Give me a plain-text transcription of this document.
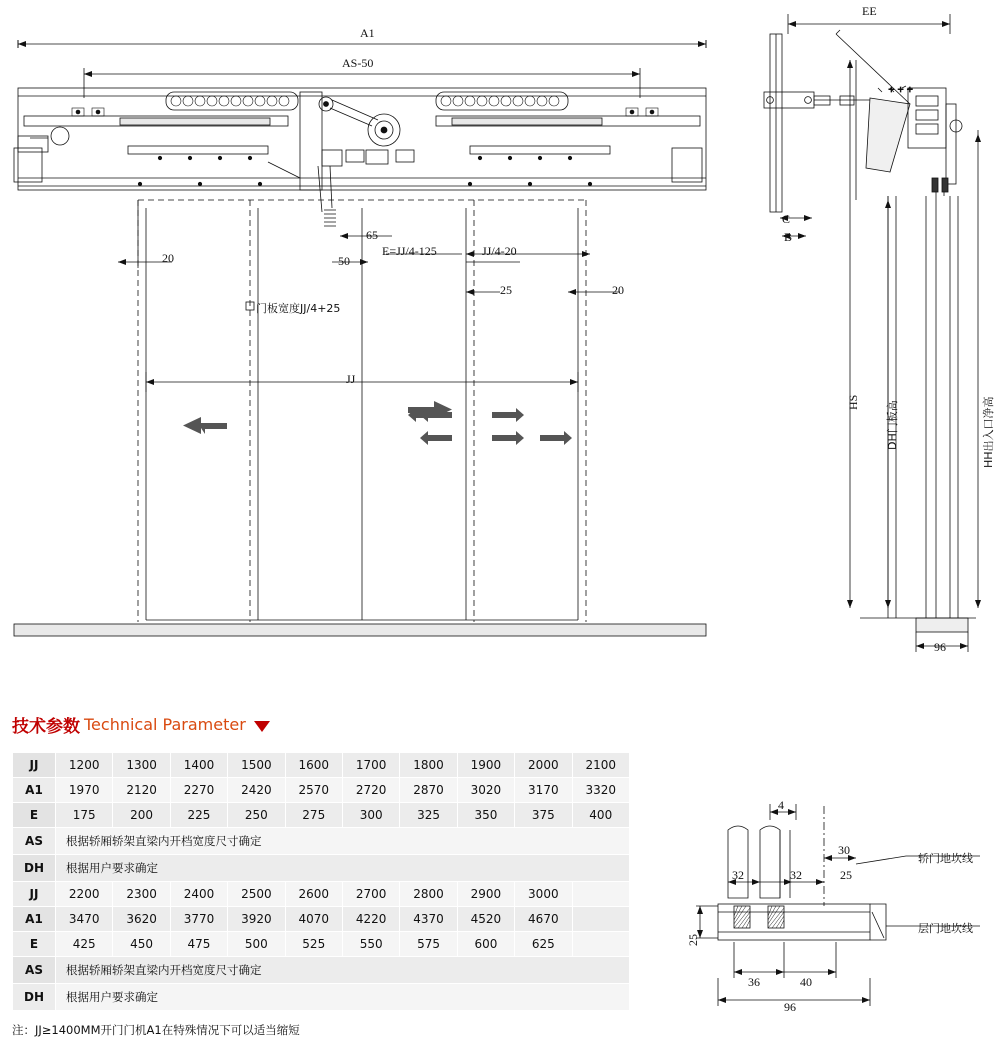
A1
AS-50
20	50
65
E=JJ/4-125	JJ/4-20
25	20
门板宽度JJ/4+25
JJ
+ + +
EE
C
B
HS DH门板高	HH出入口净高
96
4
30
32	32	25
25
36	40
96
轿门地坎线
层门地坎线
技术参数 Technical Parameter
JJ	1200	1300	1400	1500	1600	1700	1800	1900	2000	2100
A1	1970	2120	2270	2420	2570	2720	2870	3020	3170	3320
E	175	200	225	250	275	300	325	350	375	400
AS	根据轿厢轿架直梁内开档宽度尺寸确定									
DH	根据用户要求确定									
JJ	2200	2300	2400	2500	2600	2700	2800	2900	3000	
A1	3470	3620	3770	3920	4070	4220	4370	4520	4670	
E	425	450	475	500	525	550	575	600	625	
AS	根据轿厢轿架直梁内开档宽度尺寸确定									
DH	根据用户要求确定									
注：JJ≥1400MM开门门机A1在特殊情况下可以适当缩短
